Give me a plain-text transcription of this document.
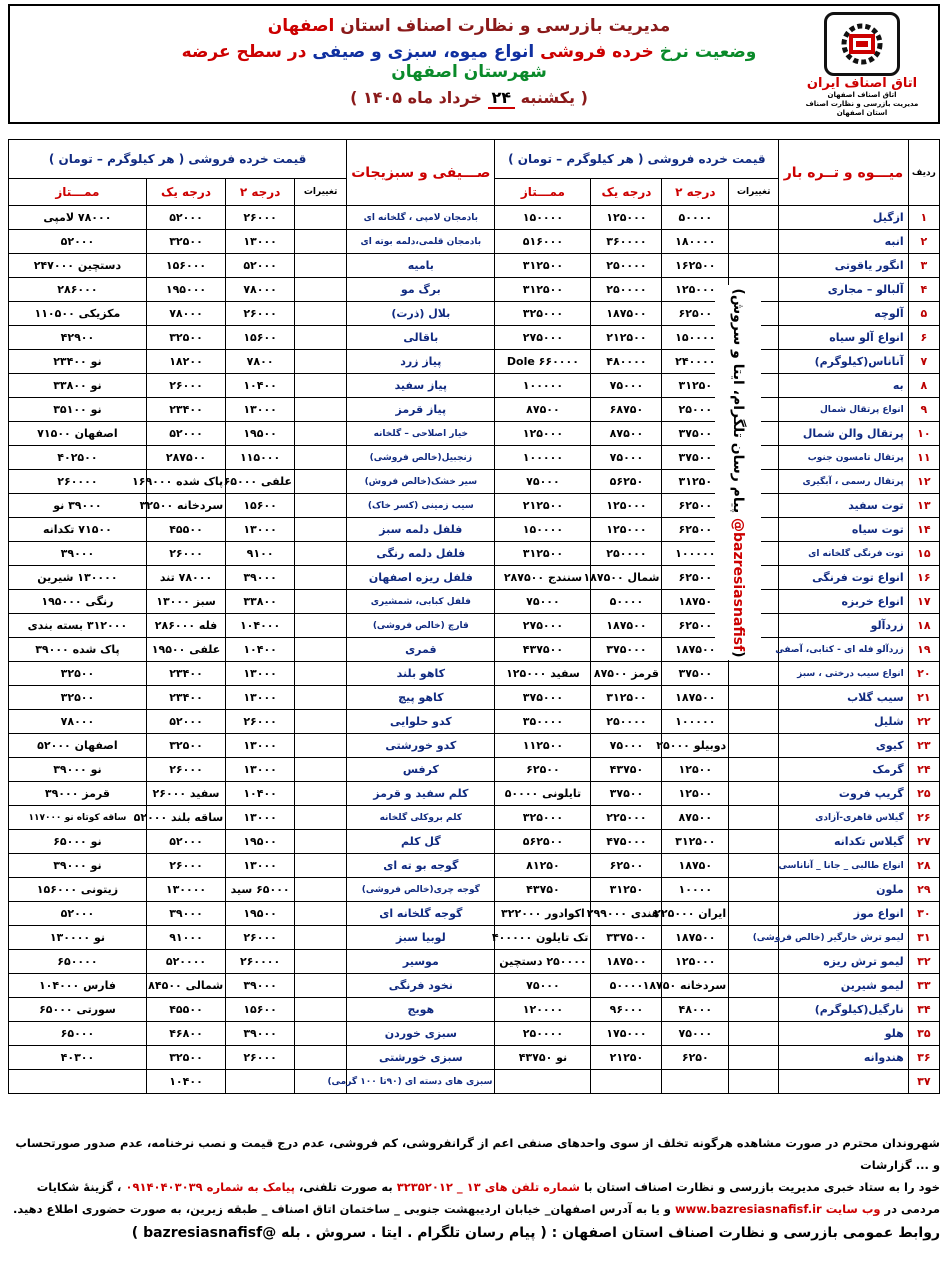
اتاق اصناف ایران
اتاق اصناف اصفهان
مدیریت بازرسی و نظارت اصناف
استان اصفهان
مدیریت بازرسی و نظارت اصناف استان اصفهان
وضعیت نرخ خرده فروشی انواع میوه، سبزی و صیفی در سطح عرضه شهرستان اصفهان
( یکشنبه ۲۴ خرداد ماه ۱۴۰۵ )
ردیف	میـــوه و تــره بار	قیمت خرده فروشی ( هر کیلوگرم – تومان )				صـــیفی و سبزیجات	قیمت خرده فروشی ( هر کیلوگرم – تومان )			
		تغییرات	درجه ۲	درجه یک	ممـــتاز		تغییرات	درجه ۲	درجه یک	ممـــتاز
۱	ازگیل		۵۰۰۰۰	۱۲۵۰۰۰	۱۵۰۰۰۰	بادمجان لامپی ، گلخانه ای		۲۶۰۰۰	۵۲۰۰۰	۷۸۰۰۰ لامپی
۲	انبه		۱۸۰۰۰۰	۳۶۰۰۰۰	۵۱۶۰۰۰	بادمجان قلمی،دلمه بوته ای		۱۳۰۰۰	۳۲۵۰۰	۵۲۰۰۰
۳	انگور یاقوتی		۱۶۲۵۰۰	۲۵۰۰۰۰	۳۱۲۵۰۰	بامیه		۵۲۰۰۰	۱۵۶۰۰۰	دستچین ۲۴۷۰۰۰
۴	آلبالو – مجاری		۱۲۵۰۰۰	۲۵۰۰۰۰	۳۱۲۵۰۰	برگ مو		۷۸۰۰۰	۱۹۵۰۰۰	۲۸۶۰۰۰
۵	آلوچه		۶۲۵۰۰	۱۸۷۵۰۰	۳۲۵۰۰۰	بلال (ذرت)		۲۶۰۰۰	۷۸۰۰۰	مکزیکی ۱۱۰۵۰۰
۶	انواع آلو سیاه		۱۵۰۰۰۰	۲۱۲۵۰۰	۲۷۵۰۰۰	باقالی		۱۵۶۰۰	۳۲۵۰۰	۴۲۹۰۰
۷	آناناس(کیلوگرم)		۲۴۰۰۰۰	۴۸۰۰۰۰	Dole ۶۶۰۰۰۰	پیاز زرد		۷۸۰۰	۱۸۲۰۰	نو ۲۳۴۰۰
۸	به		۳۱۲۵۰	۷۵۰۰۰	۱۰۰۰۰۰	پیاز سفید		۱۰۴۰۰	۲۶۰۰۰	نو ۳۳۸۰۰
۹	انواع پرتقال شمال		۲۵۰۰۰	۶۸۷۵۰	۸۷۵۰۰	پیاز قرمز		۱۳۰۰۰	۲۳۴۰۰	نو ۳۵۱۰۰
۱۰	پرتقال والن شمال		۳۷۵۰۰	۸۷۵۰۰	۱۲۵۰۰۰	خیار اصلاحی – گلخانه		۱۹۵۰۰	۵۲۰۰۰	اصفهان ۷۱۵۰۰
۱۱	پرتقال تامسون جنوب		۳۷۵۰۰	۷۵۰۰۰	۱۰۰۰۰۰	زنجبیل(خالص فروشی)		۱۱۵۰۰۰	۲۸۷۵۰۰	۴۰۲۵۰۰
۱۲	پرتقال رسمی ، آبگیری		۳۱۲۵۰	۵۶۲۵۰	۷۵۰۰۰	سیر خشک(خالص فروش)		علفی ۶۵۰۰۰	پاک شده ۱۶۹۰۰۰	۲۶۰۰۰۰
۱۳	توت سفید		۶۲۵۰۰	۱۲۵۰۰۰	۲۱۲۵۰۰	سیب زمینی (کسر خاک)		۱۵۶۰۰	سردخانه ۳۲۵۰۰	۳۹۰۰۰ نو
۱۴	توت سیاه		۶۲۵۰۰	۱۲۵۰۰۰	۱۵۰۰۰۰	فلفل دلمه سبز		۱۳۰۰۰	۴۵۵۰۰	۷۱۵۰۰ تکدانه
۱۵	توت فرنگی گلخانه ای		۱۰۰۰۰۰	۲۵۰۰۰۰	۳۱۲۵۰۰	فلفل دلمه رنگی		۹۱۰۰	۲۶۰۰۰	۳۹۰۰۰
۱۶	انواع توت فرنگی		۶۲۵۰۰	شمال ۱۸۷۵۰۰	سنندج ۲۸۷۵۰۰	فلفل ریزه اصفهان		۳۹۰۰۰	۷۸۰۰۰ تند	۱۳۰۰۰۰ شیرین
۱۷	انواع خربزه		۱۸۷۵۰	۵۰۰۰۰	۷۵۰۰۰	فلفل کبابی، شمشیری		۳۳۸۰۰	سبز ۱۳۰۰۰	رنگی ۱۹۵۰۰۰
۱۸	زردآلو		۶۲۵۰۰	۱۸۷۵۰۰	۲۷۵۰۰۰	قارچ (خالص فروشی)		۱۰۴۰۰۰	فله ۲۸۶۰۰۰	۳۱۲۰۰۰ بسته بندی
۱۹	زردآلو فله ای - کتابی، آصفی		۱۸۷۵۰۰	۳۷۵۰۰۰	۴۳۷۵۰۰	قمری		۱۰۴۰۰	علفی ۱۹۵۰۰	پاک شده ۳۹۰۰۰
۲۰	انواع سیب درختی ، سبز		۳۷۵۰۰	قرمز ۸۷۵۰۰	سفید ۱۲۵۰۰۰	کاهو بلند		۱۳۰۰۰	۲۳۴۰۰	۳۲۵۰۰
۲۱	سیب گلاب		۱۸۷۵۰۰	۳۱۲۵۰۰	۳۷۵۰۰۰	کاهو پیچ		۱۳۰۰۰	۲۳۴۰۰	۳۲۵۰۰
۲۲	شلیل		۱۰۰۰۰۰	۲۵۰۰۰۰	۳۵۰۰۰۰	کدو حلوایی		۲۶۰۰۰	۵۲۰۰۰	۷۸۰۰۰
۲۳	کیوی		دوبیلو ۲۵۰۰۰	۷۵۰۰۰	۱۱۲۵۰۰	کدو خورشتی		۱۳۰۰۰	۳۲۵۰۰	اصفهان ۵۲۰۰۰
۲۴	گرمک		۱۲۵۰۰	۴۳۷۵۰	۶۲۵۰۰	کرفس		۱۳۰۰۰	۲۶۰۰۰	نو ۳۹۰۰۰
۲۵	گریپ فروت		۱۲۵۰۰	۳۷۵۰۰	تایلونی ۵۰۰۰۰	کلم سفید و قرمز		۱۰۴۰۰	سفید ۲۶۰۰۰	قرمز ۳۹۰۰۰
۲۶	گیلاس قاهری-آزادی		۸۷۵۰۰	۲۲۵۰۰۰	۳۲۵۰۰۰	کلم بروکلی گلخانه		۱۳۰۰۰	ساقه بلند ۵۲۰۰۰	ساقه کوتاه نو ۱۱۷۰۰۰
۲۷	گیلاس تکدانه		۳۱۲۵۰۰	۴۷۵۰۰۰	۵۶۲۵۰۰	گل کلم		۱۹۵۰۰	۵۲۰۰۰	نو ۶۵۰۰۰
۲۸	انواع طالبی _ جانا _ آناناسی		۱۸۷۵۰	۶۲۵۰۰	۸۱۲۵۰	گوجه بو ته ای		۱۳۰۰۰	۲۶۰۰۰	نو ۳۹۰۰۰
۲۹	ملون		۱۰۰۰۰	۳۱۲۵۰	۴۳۷۵۰	گوجه چری(خالص فروشی)		۶۵۰۰۰ سید	۱۳۰۰۰۰	زیتونی ۱۵۶۰۰۰
۳۰	انواع موز		ایران ۲۲۵۰۰۰	هندی ۲۹۹۰۰۰	اکوادور ۳۲۲۰۰۰	گوجه گلخانه ای		۱۹۵۰۰	۳۹۰۰۰	۵۲۰۰۰
۳۱	لیمو ترش خارگیر (خالص فروشی)		۱۸۷۵۰۰	۳۳۷۵۰۰	تک تایلون ۴۰۰۰۰۰	لوبیا سبز		۲۶۰۰۰	۹۱۰۰۰	نو ۱۳۰۰۰۰
۳۲	لیمو ترش ریزه		۱۲۵۰۰۰	۱۸۷۵۰۰	۲۵۰۰۰۰ دستچین	موسیر		۲۶۰۰۰۰	۵۲۰۰۰۰	۶۵۰۰۰۰
۳۳	لیمو شیرین		سردخانه ۱۸۷۵۰	۵۰۰۰۰	۷۵۰۰۰	نخود فرنگی		۳۹۰۰۰	شمالی ۸۴۵۰۰	فارس ۱۰۴۰۰۰
۳۴	نارگیل(کیلوگرم)		۴۸۰۰۰	۹۶۰۰۰	۱۲۰۰۰۰	هویج		۱۵۶۰۰	۴۵۵۰۰	سورتی ۶۵۰۰۰
۳۵	هلو		۷۵۰۰۰	۱۷۵۰۰۰	۲۵۰۰۰۰	سبزی خوردن		۳۹۰۰۰	۴۶۸۰۰	۶۵۰۰۰
۳۶	هندوانه		۶۲۵۰	۲۱۲۵۰	نو ۴۳۷۵۰	سبزی خورشتی		۲۶۰۰۰	۳۲۵۰۰	۴۰۳۰۰
۳۷						سبزی های دسته ای (۹۰تا ۱۰۰ گرمی)			۱۰۴۰۰	
(پیام رسان تلگرام، ایتا و سروش @bazresiasnafisf)
شهروندان محترم در صورت مشاهده هرگونه تخلف از سوی واحدهای صنفی اعم از گرانفروشی، کم فروشی، عدم درج قیمت و نصب نرخنامه، عدم صدور صورتحساب و ... گزارشات
خود را به ستاد خبری مدیریت بازرسی و نظارت اصناف استان با شماره تلفن های ۱۳ _ ۳۲۳۵۲۰۱۲ به صورت تلفنی، پیامک به شماره ۰۹۱۴۰۴۰۳۰۳۹ ، گزینهٔ شکایات
مردمی در وب سایت www.bazresiasnafisf.ir و یا به آدرس اصفهان_ خیابان اردیبهشت جنوبی _ ساختمان اتاق اصناف _ طبقه زیرین، به صورت حضوری اطلاع دهید.
روابط عمومی بازرسی و نظارت اصناف استان اصفهان : ( پیام رسان تلگرام . ایتا . سروش . بله @bazresiasnafisf )
